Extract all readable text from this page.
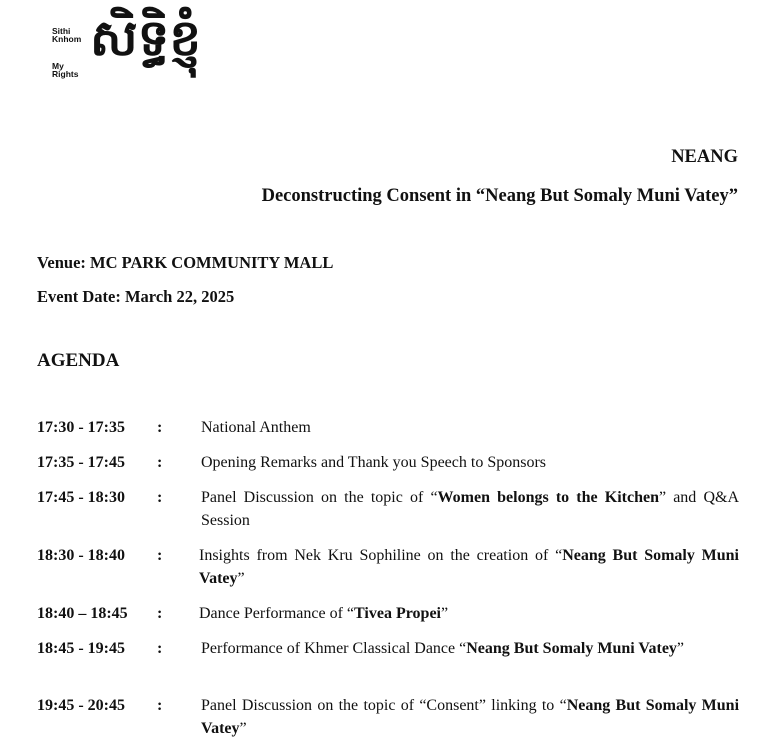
Sithi
Knhom
My
Rights
សិទ្ធិខ្ញុំ
NEANG
Deconstructing Consent in “Neang But Somaly Muni Vatey”
Venue: MC PARK COMMUNITY MALL
Event Date: March 22, 2025
AGENDA
17:30 - 17:35 : National Anthem
17:35 - 17:45 : Opening Remarks and Thank you Speech to Sponsors
17:45 - 18:30 : Panel Discussion on the topic of “Women belongs to the Kitchen” and Q&A Session
18:30 - 18:40 : Insights from Nek Kru Sophiline on the creation of “Neang But Somaly Muni Vatey”
18:40 – 18:45 : Dance Performance of “Tivea Propei”
18:45 - 19:45 : Performance of Khmer Classical Dance “Neang But Somaly Muni Vatey”
19:45 - 20:45 : Panel Discussion on the topic of “Consent” linking to “Neang But Somaly Muni Vatey”
